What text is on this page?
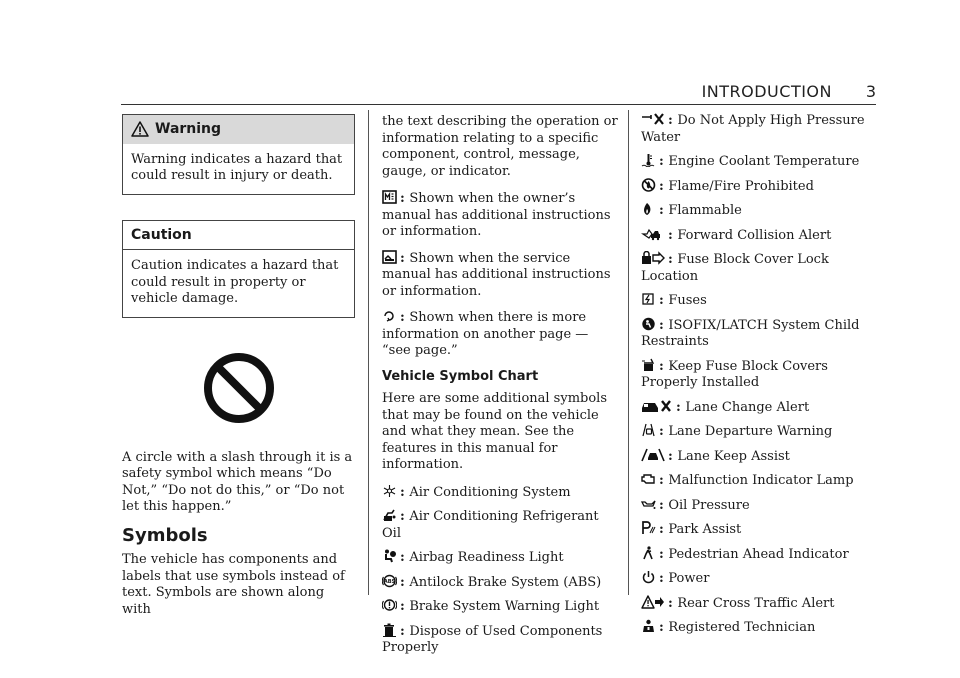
INTRODUCTION 3
Warning
Warning indicates a hazard that could result in injury or death.
Caution
Caution indicates a hazard that could result in property or vehicle damage.

A circle with a slash through it is a safety symbol which means “Do Not,” “Do not do this,” or “Do not let this happen.”

Symbols

The vehicle has components and labels that use symbols instead of text. Symbols are shown along with

the text describing the operation or information relating to a specific component, control, message, gauge, or indicator.

: Shown when the owner’s manual has additional instructions or information.
: Shown when the service manual has additional instructions or information.
: Shown when there is more information on another page — “see page.”
Vehicle Symbol Chart

Here are some additional symbols that may be found on the vehicle and what they mean. See the features in this manual for information.

: Air Conditioning System
: Air Conditioning Refrigerant Oil
: Airbag Readiness Light
ABS : Antilock Brake System (ABS)
: Brake System Warning Light
: Dispose of Used Components Properly
: Do Not Apply High Pressure Water
: Engine Coolant Temperature
: Flame/Fire Prohibited
: Flammable
: Forward Collision Alert
: Fuse Block Cover Lock Location
: Fuses
: ISOFIX/LATCH System Child Restraints
: Keep Fuse Block Covers Properly Installed
: Lane Change Alert
: Lane Departure Warning
: Lane Keep Assist
: Malfunction Indicator Lamp
: Oil Pressure
: Park Assist
: Pedestrian Ahead Indicator
: Power
: Rear Cross Traffic Alert
: Registered Technician
